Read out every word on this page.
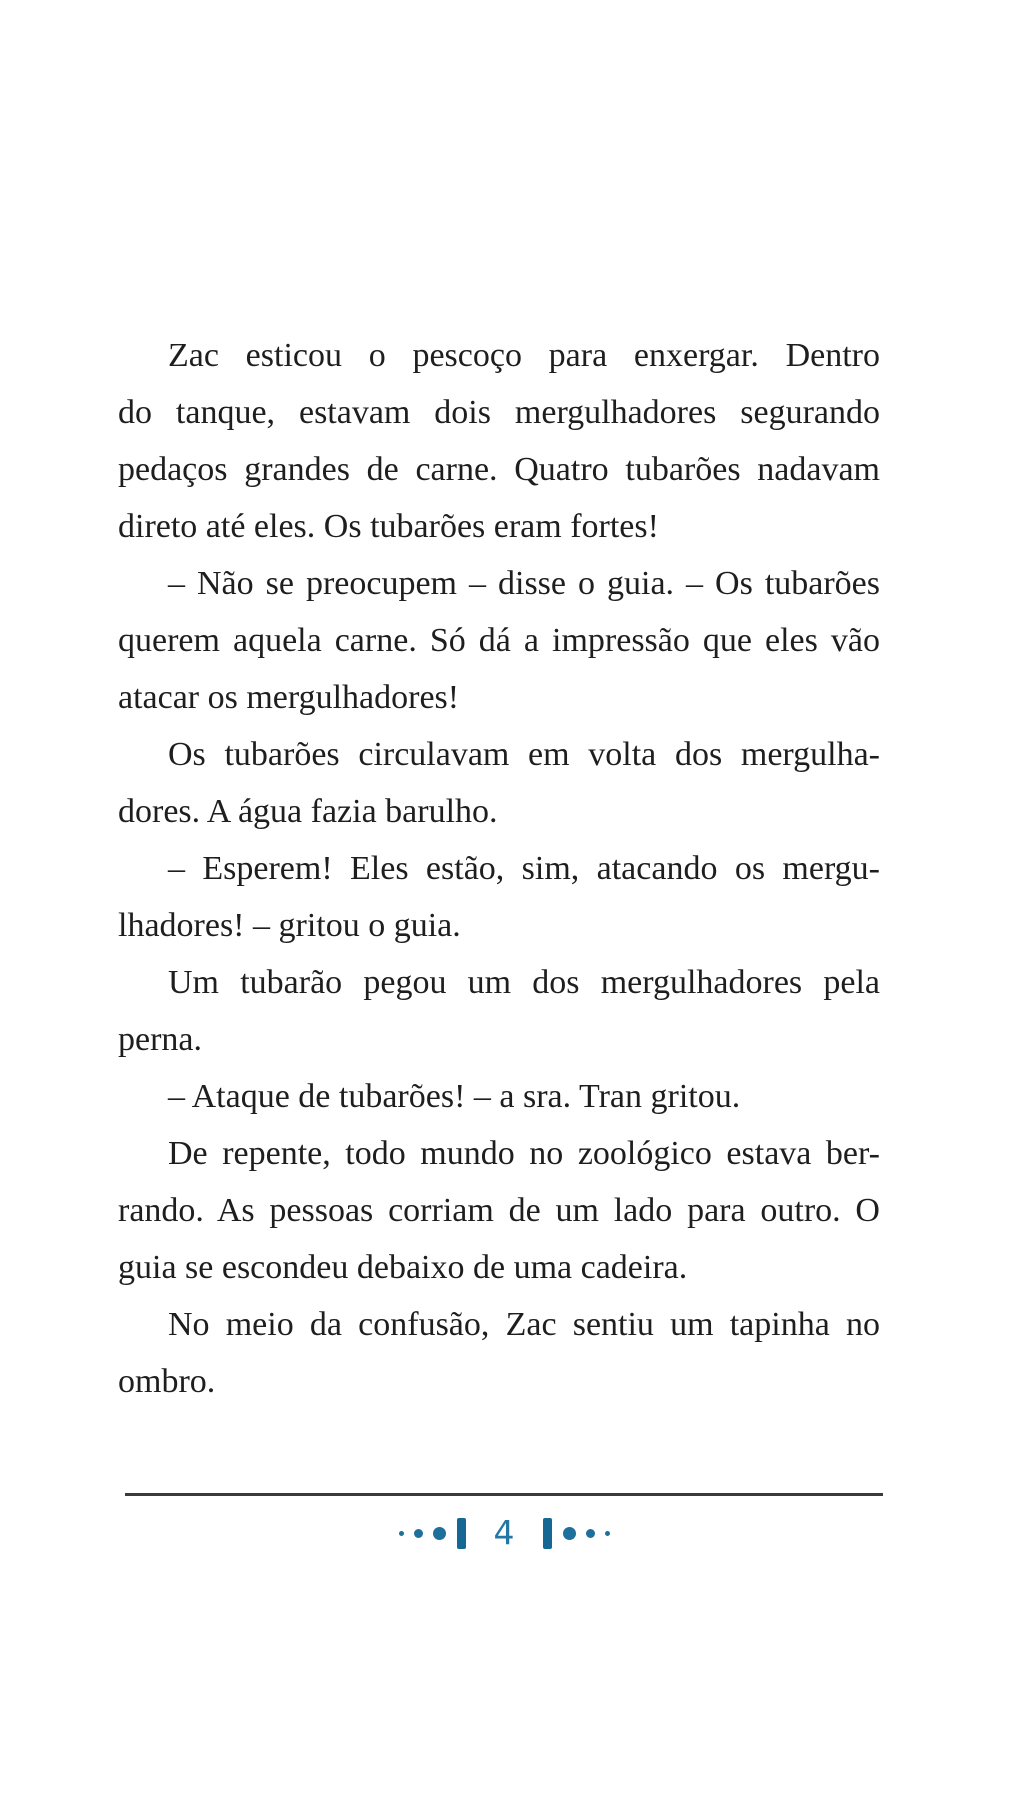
Zac esticou o pescoço para enxergar. Dentro
do tanque, estavam dois mergulhadores segurando
pedaços grandes de carne. Quatro tubarões nadavam
direto até eles. Os tubarões eram fortes!
– Não se preocupem – disse o guia. – Os tubarões
querem aquela carne. Só dá a impressão que eles vão
atacar os mergulhadores!
Os tubarões circulavam em volta dos mergulha-
dores. A água fazia barulho.
– Esperem! Eles estão, sim, atacando os mergu-
lhadores! – gritou o guia.
Um tubarão pegou um dos mergulhadores pela
perna.
– Ataque de tubarões! – a sra. Tran gritou.
De repente, todo mundo no zoológico estava ber-
rando. As pessoas corriam de um lado para outro. O
guia se escondeu debaixo de uma cadeira.
No meio da confusão, Zac sentiu um tapinha no
ombro.
4
